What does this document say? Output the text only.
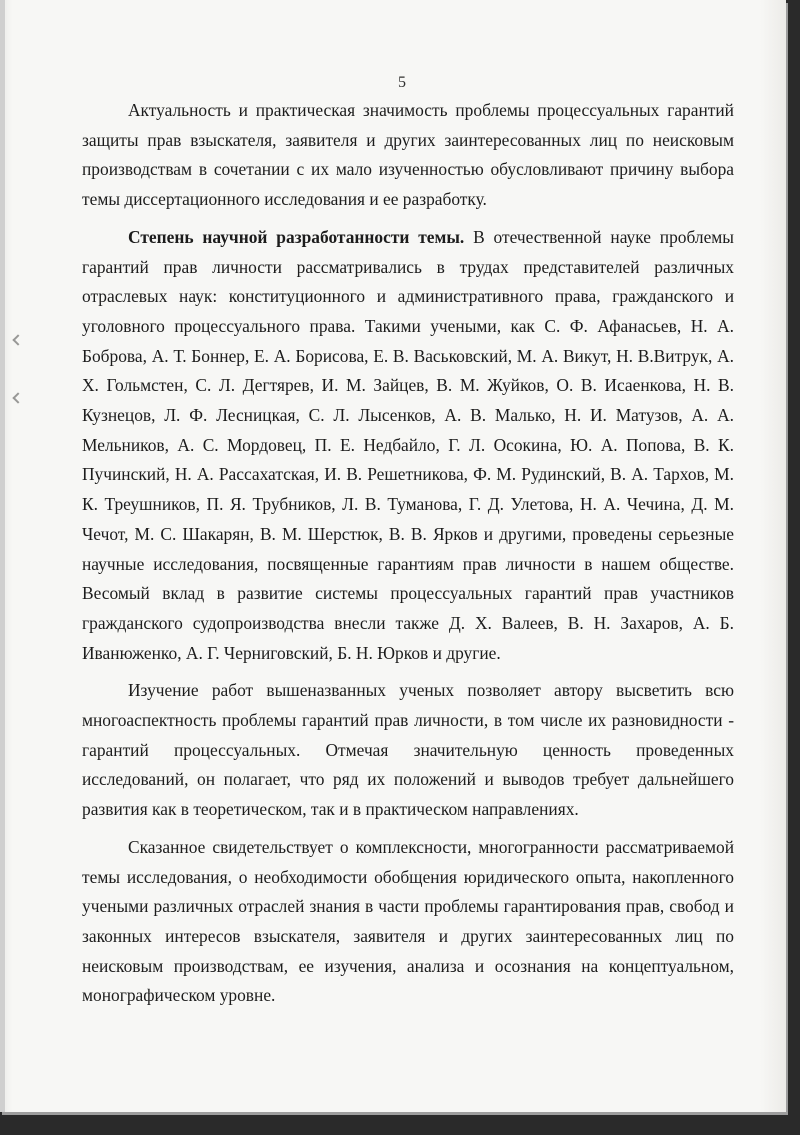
5

Актуальность и практическая значимость проблемы процессуальных гарантий защиты прав взыскателя, заявителя и других заинтересованных лиц по неисковым производствам в сочетании с их мало изученностью обусловливают причину выбора темы диссертационного исследования и ее разработку.

Степень научной разработанности темы. В отечественной науке проблемы гарантий прав личности рассматривались в трудах представителей различных отраслевых наук: конституционного и административного права, гражданского и уголовного процессуального права. Такими учеными, как С. Ф. Афанасьев, Н. А. Боброва, А. Т. Боннер, Е. А. Борисова, Е. В. Васьковский, М. А. Викут, Н. В.Витрук, А. Х. Гольмстен, С. Л. Дегтярев, И. М. Зайцев, В. М. Жуйков, О. В. Исаенкова, Н. В. Кузнецов, Л. Ф. Лесницкая, С. Л. Лысенков, А. В. Малько, Н. И. Матузов, А. А. Мельников, А. С. Мордовец, П. Е. Недбайло, Г. Л. Осокина, Ю. А. Попова, В. К. Пучинский, Н. А. Рассахатская, И. В. Решетникова, Ф. М. Рудинский, В. А. Тархов, М. К. Треушников, П. Я. Трубников, Л. В. Туманова, Г. Д. Улетова, Н. А. Чечина, Д. М. Чечот, М. С. Шакарян, В. М. Шерстюк, В. В. Ярков и другими, проведены серьезные научные исследования, посвященные гарантиям прав личности в нашем обществе. Весомый вклад в развитие системы процессуальных гарантий прав участников гражданского судопроизводства внесли также Д. Х. Валеев, В. Н. Захаров, А. Б. Иванюженко, А. Г. Черниговский, Б. Н. Юрков и другие.

Изучение работ вышеназванных ученых позволяет автору высветить всю многоаспектность проблемы гарантий прав личности, в том числе их разновидности - гарантий процессуальных. Отмечая значительную ценность проведенных исследований, он полагает, что ряд их положений и выводов требует дальнейшего развития как в теоретическом, так и в практическом направлениях.

Сказанное свидетельствует о комплексности, многогранности рассматриваемой темы исследования, о необходимости обобщения юридического опыта, накопленного учеными различных отраслей знания в части проблемы гарантирования прав, свобод и законных интересов взыскателя, заявителя и других заинтересованных лиц по неисковым производствам, ее изучения, анализа и осознания на концептуальном, монографическом уровне.
